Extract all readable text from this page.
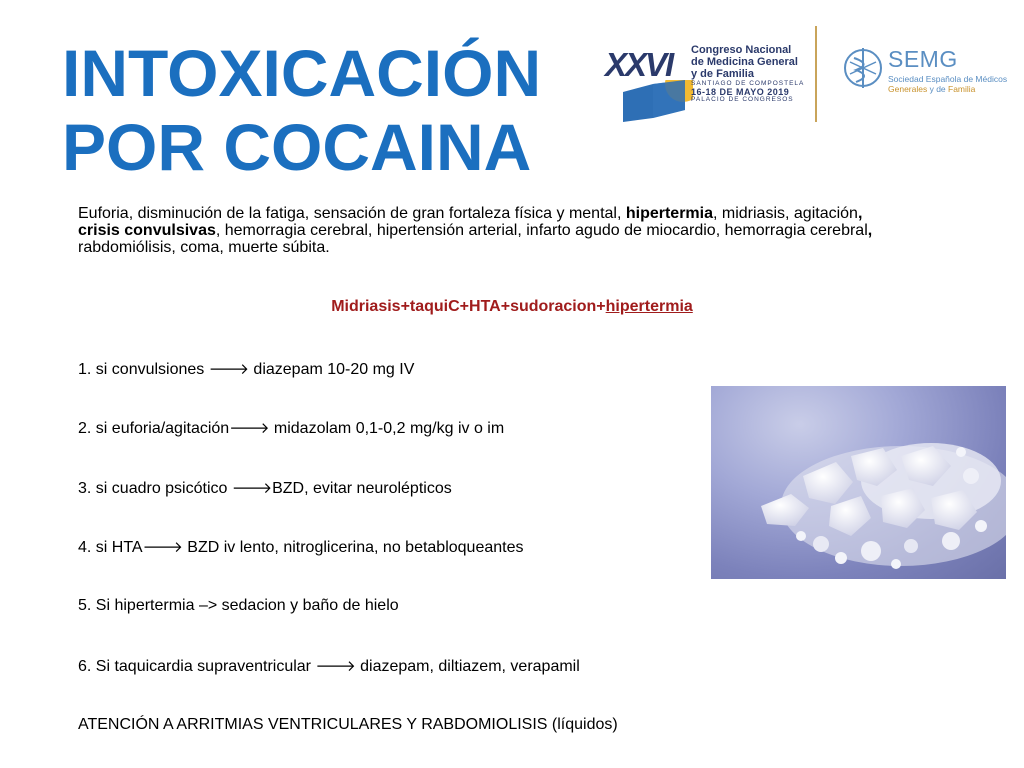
INTOXICACIÓN
POR COCAINA
XXVI Congreso Nacional
de Medicina General
y de Familia
SANTIAGO DE COMPOSTELA
16-18 DE MAYO 2019
PALACIO DE CONGRESOS
SEMG
Sociedad Española de Médicos
Generales y de Familia

Euforia, disminución de la fatiga, sensación de gran fortaleza física y mental, hipertermia, midriasis, agitación, crisis convulsivas, hemorragia cerebral, hipertensión arterial, infarto agudo de miocardio, hemorragia cerebral, rabdomiólisis, coma, muerte súbita.

Midriasis+taquiC+HTA+sudoracion+hipertermia
1. si convulsiones 🡒 diazepam 10-20 mg IV
2. si euforia/agitación🡒 midazolam 0,1-0,2 mg/kg iv o im
3. si cuadro psicótico 🡒BZD, evitar neurolépticos
4. si HTA🡒 BZD iv lento, nitroglicerina, no betabloqueantes
5. Si hipertermia –> sedacion y baño de hielo
6. Si taquicardia supraventricular 🡒 diazepam, diltiazem, verapamil
ATENCIÓN A ARRITMIAS VENTRICULARES Y RABDOMIOLISIS (líquidos)
